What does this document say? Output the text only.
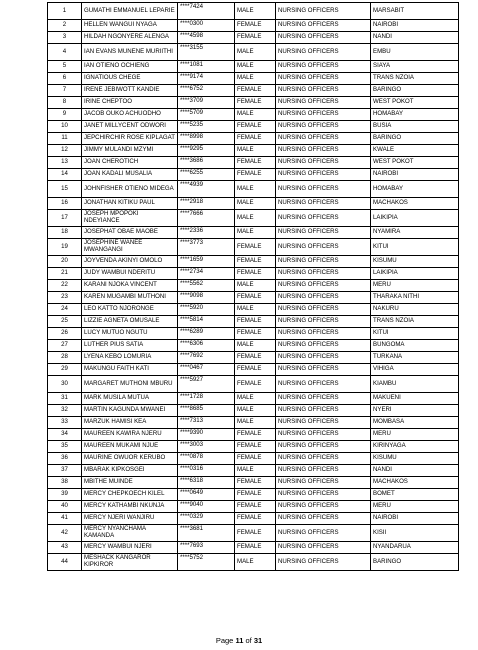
1	GUMATHI EMMANUEL LEPARIE	****7424	MALE	NURSING OFFICERS	MARSABIT
2	HELLEN WANGUI NYAGA	****0300	FEMALE	NURSING OFFICERS	NAIROBI
3	HILDAH NGONYERE ALENGA	****4598	FEMALE	NURSING OFFICERS	NANDI
4	IAN EVANS MUNENE MURIITHI	****3155	MALE	NURSING OFFICERS	EMBU
5	IAN OTIENO OCHIENG	****1081	MALE	NURSING OFFICERS	SIAYA
6	IGNATIOUS CHEGE	****9174	MALE	NURSING OFFICERS	TRANS NZOIA
7	IRENE JEBIWOTT KANDIE	****6752	FEMALE	NURSING OFFICERS	BARINGO
8	IRINE CHEPTOO	****3709	FEMALE	NURSING OFFICERS	WEST POKOT
9	JACOB OUKO ACHUODHO	****5709	MALE	NURSING OFFICERS	HOMABAY
10	JANET MILLYCENT ODWORI	****5235	FEMALE	NURSING OFFICERS	BUSIA
11	JEPCHIRCHIR ROSE KIPLAGAT	****8998	FEMALE	NURSING OFFICERS	BARINGO
12	JIMMY MULANDI MZYMI	****9295	MALE	NURSING OFFICERS	KWALE
13	JOAN CHEROTICH	****3686	FEMALE	NURSING OFFICERS	WEST POKOT
14	JOAN KADALI MUSALIA	****6255	FEMALE	NURSING OFFICERS	NAIROBI
15	JOHNFISHER OTIENO MIDEGA	****4939	MALE	NURSING OFFICERS	HOMABAY
16	JONATHAN KITIKU PAUL	****2918	MALE	NURSING OFFICERS	MACHAKOS
17	JOSEPH MPOPOKI NDEYIANCE	****7666	MALE	NURSING OFFICERS	LAIKIPIA
18	JOSEPHAT OBAE MAOBE	****2336	MALE	NURSING OFFICERS	NYAMIRA
19	JOSEPHINE WANEE MWANGANGI	****3773	FEMALE	NURSING OFFICERS	KITUI
20	JOYVENDA AKINYI OMOLO	****1659	FEMALE	NURSING OFFICERS	KISUMU
21	JUDY WAMBUI NDERITU	****2734	FEMALE	NURSING OFFICERS	LAIKIPIA
22	KARANI NJOKA VINCENT	****5562	MALE	NURSING OFFICERS	MERU
23	KAREN MUGAMBI MUTHONI	****9098	FEMALE	NURSING OFFICERS	THARAKA NITHI
24	LEO KATTO NJORONGE	****5920	MALE	NURSING OFFICERS	NAKURU
25	LIZZIE AGNETA OMUSALE	****5814	FEMALE	NURSING OFFICERS	TRANS NZOIA
26	LUCY MUTUO NGUTU	****6289	FEMALE	NURSING OFFICERS	KITUI
27	LUTHER PIUS SATIA	****6306	MALE	NURSING OFFICERS	BUNGOMA
28	LYENA KEBO LOMURIA	****7692	FEMALE	NURSING OFFICERS	TURKANA
29	MAKUNGU FAITH KATI	****0467	FEMALE	NURSING OFFICERS	VIHIGA
30	MARGARET MUTHONI MBURU	****5927	FEMALE	NURSING OFFICERS	KIAMBU
31	MARK MUSILA MUTUA	****1728	MALE	NURSING OFFICERS	MAKUENI
32	MARTIN KAGUNDA MWANEI	****8685	MALE	NURSING OFFICERS	NYERI
33	MARZUK HAMISI KEA	****7313	MALE	NURSING OFFICERS	MOMBASA
34	MAUREEN KAWIRA NJERU	****9390	FEMALE	NURSING OFFICERS	MERU
35	MAUREEN MUKAMI NJUE	****3003	FEMALE	NURSING OFFICERS	KIRINYAGA
36	MAURINE OWUOR KERUBO	****0878	FEMALE	NURSING OFFICERS	KISUMU
37	MBARAK KIPKOSGEI	****0316	MALE	NURSING OFFICERS	NANDI
38	MBITHE MUINDE	****6318	FEMALE	NURSING OFFICERS	MACHAKOS
39	MERCY CHEPKOECH KILEL	****0649	FEMALE	NURSING OFFICERS	BOMET
40	MERCY KATHAMBI NKUNJA	****9040	FEMALE	NURSING OFFICERS	MERU
41	MERCY NJERI WANJIRU	****0329	FEMALE	NURSING OFFICERS	NAIROBI
42	MERCY NYANCHAMA KAMANDA	****3681	FEMALE	NURSING OFFICERS	KISII
43	MERCY WAMBUI NJERI	****7693	FEMALE	NURSING OFFICERS	NYANDARUA
44	MESHACK KANGAROR KIPKIROR	****5752	MALE	NURSING OFFICERS	BARINGO
Page 11 of 31
